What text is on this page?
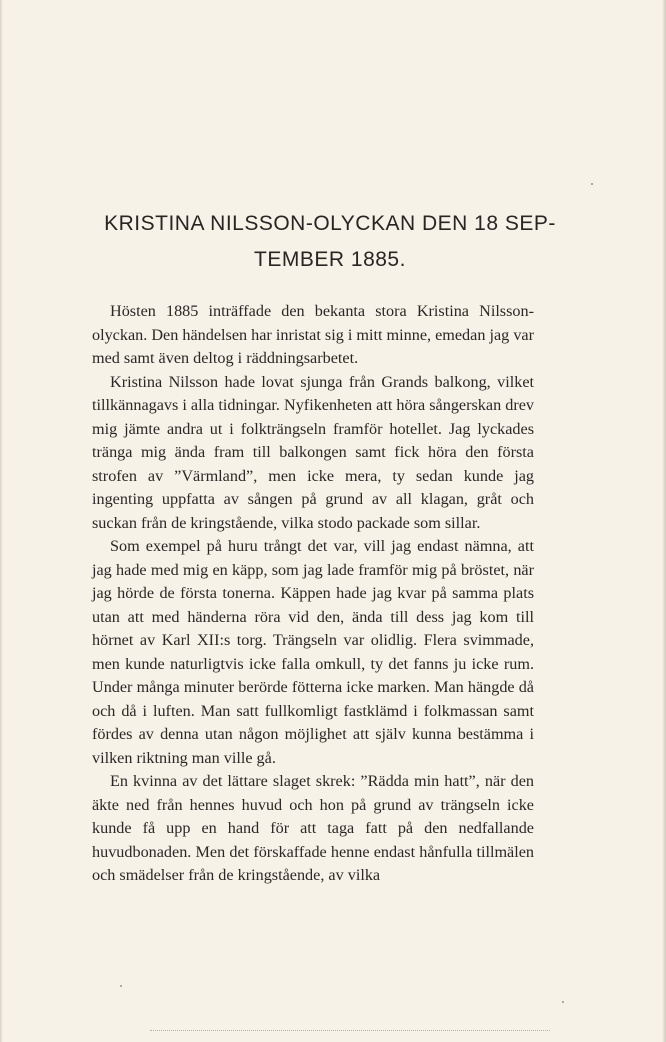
KRISTINA NILSSON-OLYCKAN DEN 18 SEP-
TEMBER 1885.

Hösten 1885 inträffade den bekanta stora Kristina Nilsson-olyckan. Den händelsen har inristat sig i mitt minne, emedan jag var med samt även deltog i räddningsarbetet.

Kristina Nilsson hade lovat sjunga från Grands balkong, vilket tillkännagavs i alla tidningar. Nyfikenheten att höra sångerskan drev mig jämte andra ut i folkträngseln framför hotellet. Jag lyckades tränga mig ända fram till balkongen samt fick höra den första strofen av ”Värmland”, men icke mera, ty sedan kunde jag ingenting uppfatta av sången på grund av all klagan, gråt och suckan från de kringstående, vilka stodo packade som sillar.

Som exempel på huru trångt det var, vill jag endast nämna, att jag hade med mig en käpp, som jag lade framför mig på bröstet, när jag hörde de första tonerna. Käppen hade jag kvar på samma plats utan att med händerna röra vid den, ända till dess jag kom till hörnet av Karl XII:s torg. Trängseln var olidlig. Flera svimmade, men kunde naturligtvis icke falla omkull, ty det fanns ju icke rum. Under många minuter berörde fötterna icke marken. Man hängde då och då i luften. Man satt fullkomligt fastklämd i folkmassan samt fördes av denna utan någon möjlighet att själv kunna bestämma i vilken riktning man ville gå.

En kvinna av det lättare slaget skrek: ”Rädda min hatt”, när den äkte ned från hennes huvud och hon på grund av trängseln icke kunde få upp en hand för att taga fatt på den nedfallande huvudbonaden. Men det förskaffade henne endast hånfulla tillmälen och smädelser från de kringstående, av vilka
